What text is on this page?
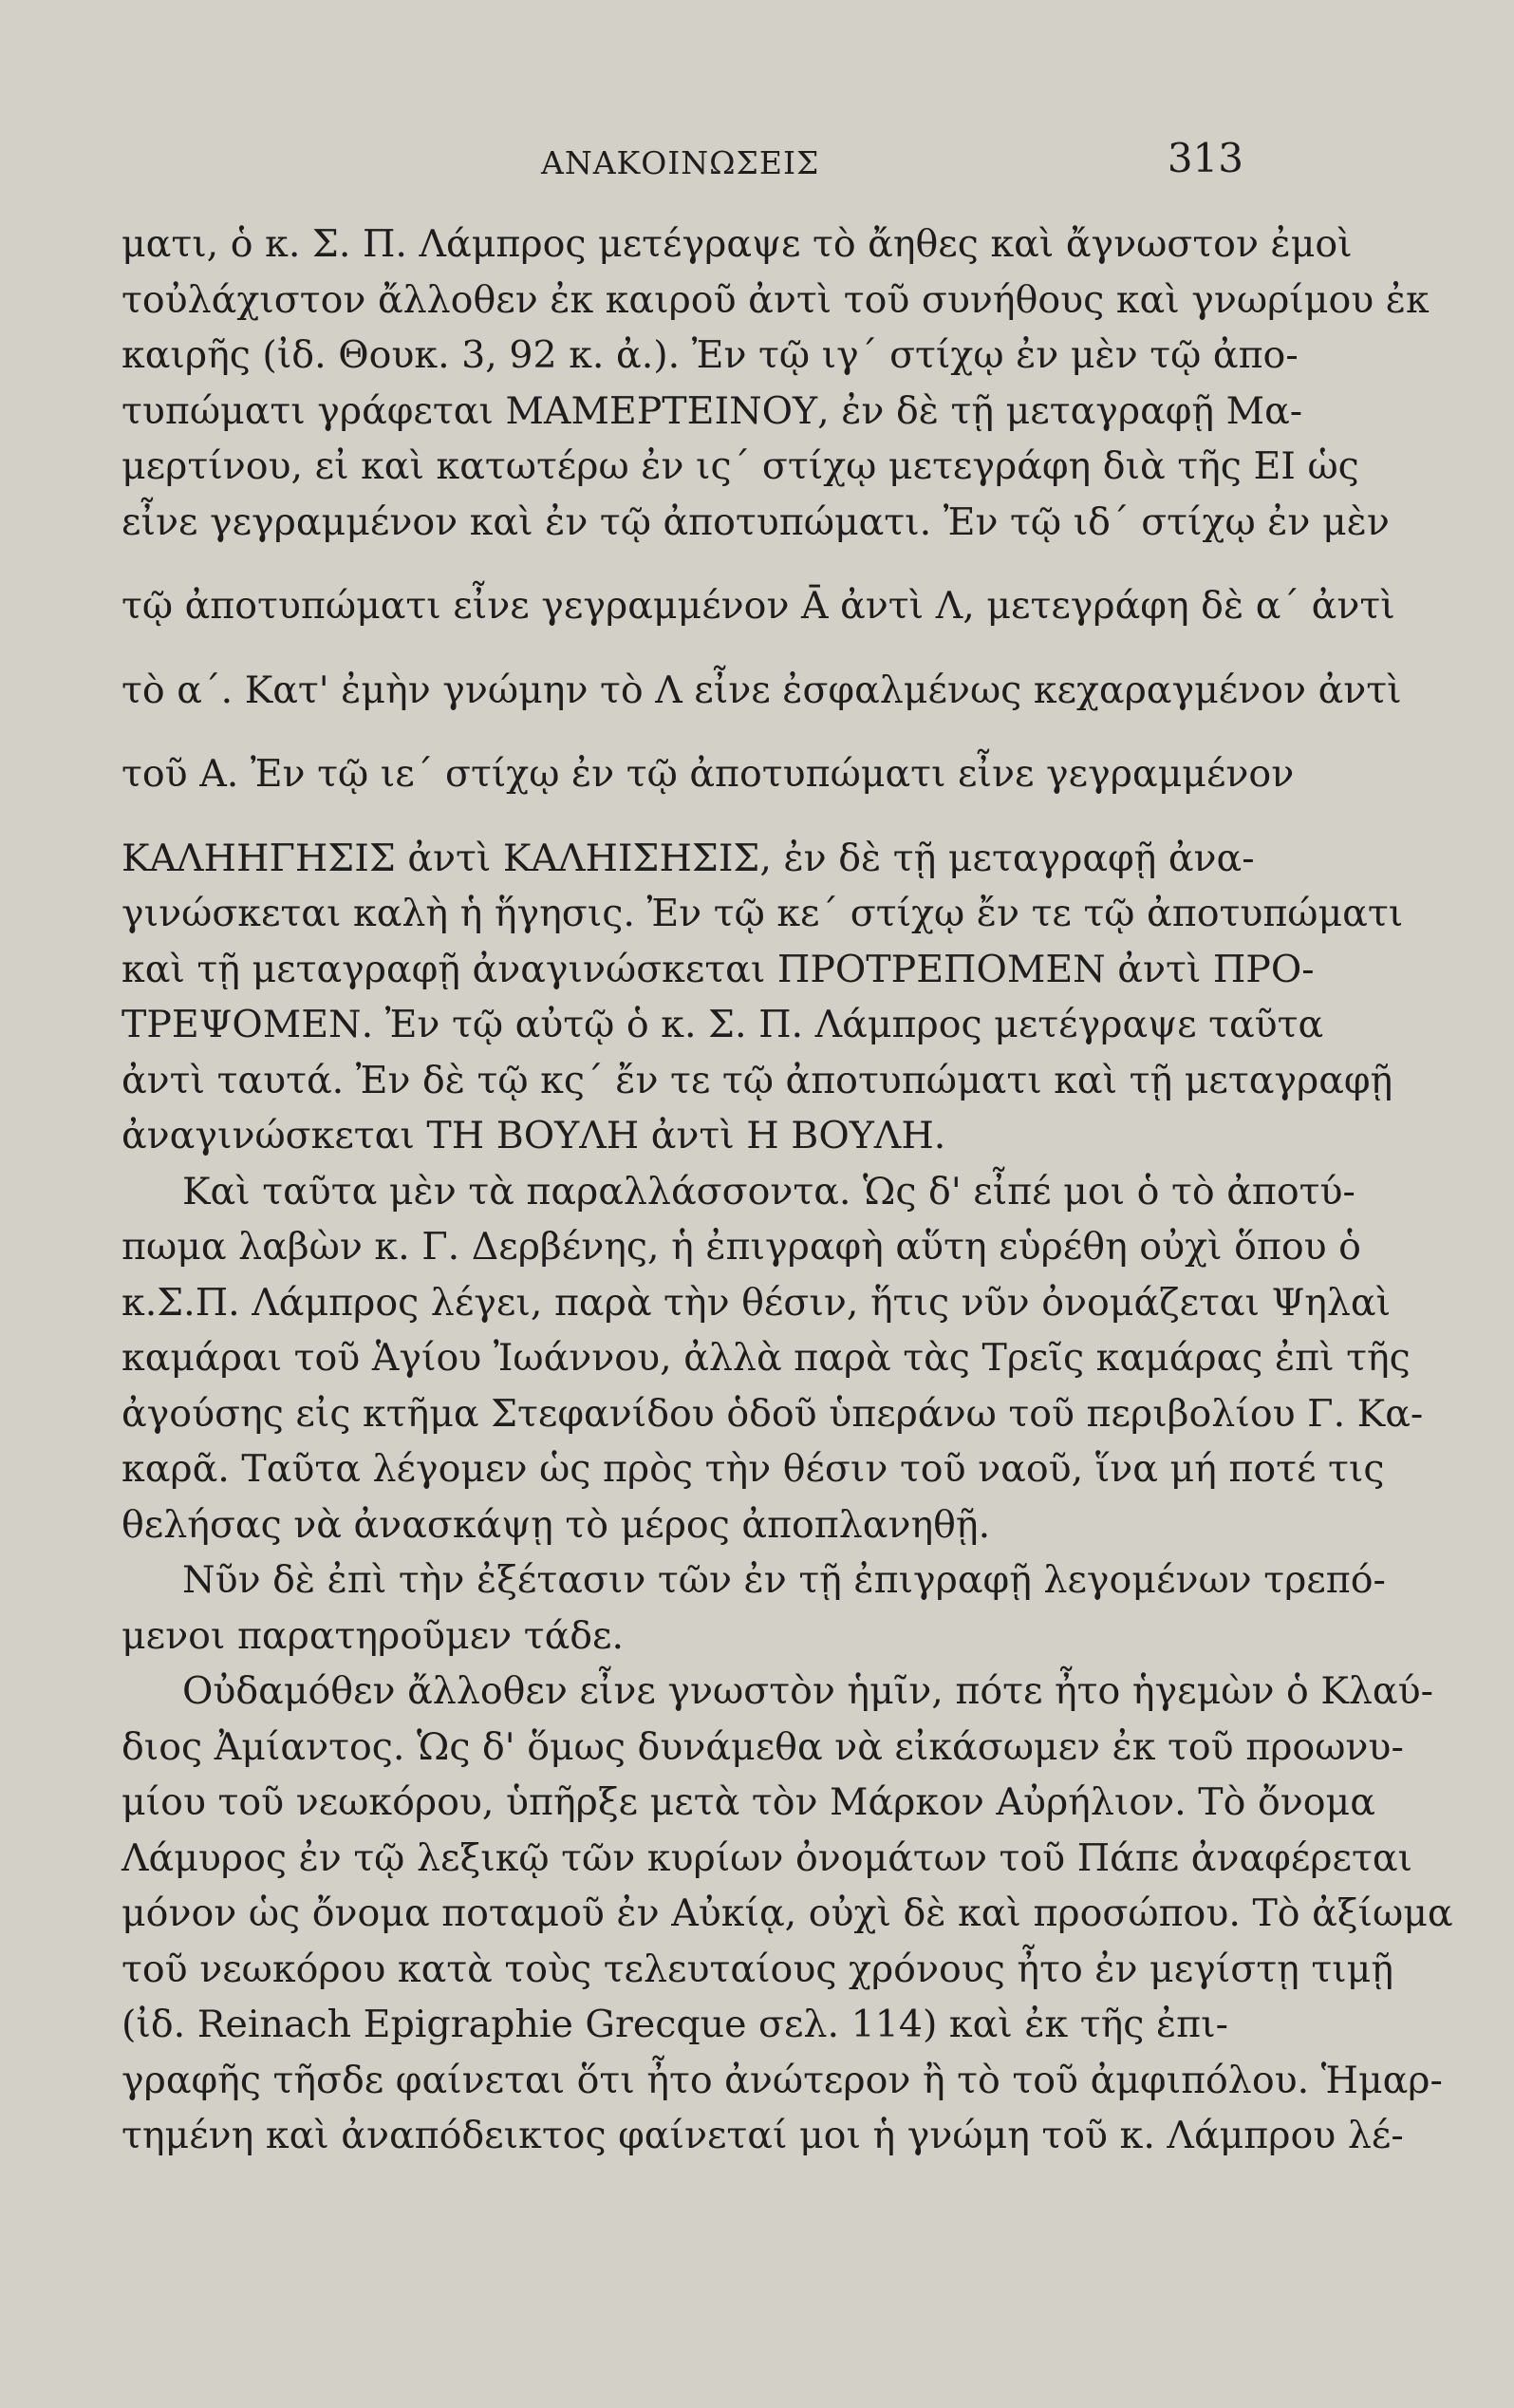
ΑΝΑΚΟΙΝΩΣΕΙΣ	313
ματι, ὁ κ. Σ. Π. Λάμπρος μετέγραψε τὸ ἄηθες καὶ ἄγνωστον ἐμοὶ
τοὐλάχιστον ἄλλοθεν ἐκ καιροῦ ἀντὶ τοῦ συνήθους καὶ γνωρίμου ἐκ
καιρῆς (ἰδ. Θουκ. 3, 92 κ. ἀ.). Ἐν τῷ ιγ΄ στίχῳ ἐν μὲν τῷ ἀπο-
τυπώματι γράφεται ΜΑΜΕΡΤΕΙΝΟΥ, ἐν δὲ τῇ μεταγραφῇ Μα-
μερτίνου, εἰ καὶ κατωτέρω ἐν ις΄ στίχῳ μετεγράφη διὰ τῆς ΕΙ ὡς
εἶνε γεγραμμένον καὶ ἐν τῷ ἀποτυπώματι. Ἐν τῷ ιδ΄ στίχῳ ἐν μὲν
τῷ ἀποτυπώματι εἶνε γεγραμμένον Ā ἀντὶ Λ, μετεγράφη δὲ α΄ ἀντὶ
τὸ α΄. Κατ' ἐμὴν γνώμην τὸ Λ εἶνε ἐσφαλμένως κεχαραγμένον ἀντὶ
τοῦ Α. Ἐν τῷ ιε΄ στίχῳ ἐν τῷ ἀποτυπώματι εἶνε γεγραμμένον
ΚΑΛΗΗΓΗΣΙΣ ἀντὶ ΚΑΛΗΙΣΗΣΙΣ, ἐν δὲ τῇ μεταγραφῇ ἀνα-
γινώσκεται καλὴ ἡ ἥγησις. Ἐν τῷ κε΄ στίχῳ ἔν τε τῷ ἀποτυπώματι
καὶ τῇ μεταγραφῇ ἀναγινώσκεται ΠΡΟΤΡΕΠΟΜΕΝ ἀντὶ ΠΡΟ-
ΤΡΕΨΟΜΕΝ. Ἐν τῷ αὐτῷ ὁ κ. Σ. Π. Λάμπρος μετέγραψε ταῦτα
ἀντὶ ταυτά. Ἐν δὲ τῷ κς΄ ἔν τε τῷ ἀποτυπώματι καὶ τῇ μεταγραφῇ
ἀναγινώσκεται ΤΗ ΒΟΥΛΗ ἀντὶ Η ΒΟΥΛΗ.
Καὶ ταῦτα μὲν τὰ παραλλάσσοντα. Ὡς δ' εἶπέ μοι ὁ τὸ ἀποτύ-
πωμα λαβὼν κ. Γ. Δερβένης, ἡ ἐπιγραφὴ αὕτη εὑρέθη οὐχὶ ὅπου ὁ
κ.Σ.Π. Λάμπρος λέγει, παρὰ τὴν θέσιν, ἥτις νῦν ὀνομάζεται Ψηλαὶ
καμάραι τοῦ Ἁγίου Ἰωάννου, ἀλλὰ παρὰ τὰς Τρεῖς καμάρας ἐπὶ τῆς
ἀγούσης εἰς κτῆμα Στεφανίδου ὁδοῦ ὑπεράνω τοῦ περιβολίου Γ. Κα-
καρᾶ. Ταῦτα λέγομεν ὡς πρὸς τὴν θέσιν τοῦ ναοῦ, ἵνα μή ποτέ τις
θελήσας νὰ ἀνασκάψῃ τὸ μέρος ἀποπλανηθῇ.
Νῦν δὲ ἐπὶ τὴν ἐξέτασιν τῶν ἐν τῇ ἐπιγραφῇ λεγομένων τρεπό-
μενοι παρατηροῦμεν τάδε.
Οὐδαμόθεν ἄλλοθεν εἶνε γνωστὸν ἡμῖν, πότε ἦτο ἡγεμὼν ὁ Κλαύ-
διος Ἀμίαντος. Ὡς δ' ὅμως δυνάμεθα νὰ εἰκάσωμεν ἐκ τοῦ προωνυ-
μίου τοῦ νεωκόρου, ὑπῆρξε μετὰ τὸν Μάρκον Αὐρήλιον. Τὸ ὄνομα
Λάμυρος ἐν τῷ λεξικῷ τῶν κυρίων ὀνομάτων τοῦ Πάπε ἀναφέρεται
μόνον ὡς ὄνομα ποταμοῦ ἐν Αὐκίᾳ, οὐχὶ δὲ καὶ προσώπου. Τὸ ἀξίωμα
τοῦ νεωκόρου κατὰ τοὺς τελευταίους χρόνους ἦτο ἐν μεγίστῃ τιμῇ
(ἰδ. Reinach Epigraphie Grecque σελ. 114) καὶ ἐκ τῆς ἐπι-
γραφῆς τῆσδε φαίνεται ὅτι ἦτο ἀνώτερον ἢ τὸ τοῦ ἀμφιπόλου. Ἡμαρ-
τημένη καὶ ἀναπόδεικτος φαίνεταί μοι ἡ γνώμη τοῦ κ. Λάμπρου λέ-
